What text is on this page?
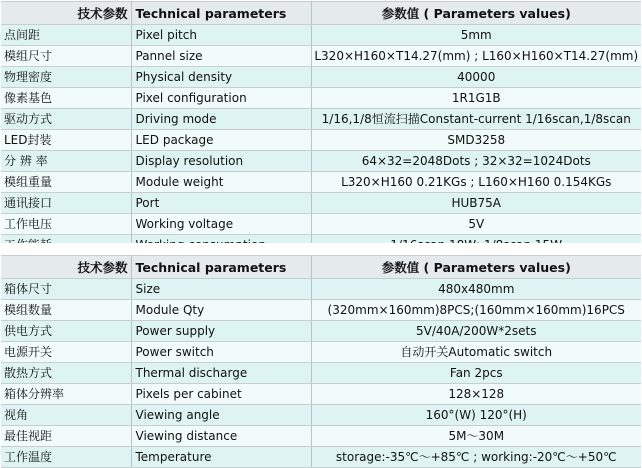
技术参数	Technical parameters	参数值 ( Parameters values)
点间距	Pixel pitch	5mm
模组尺寸	Pannel size	L320×H160×T14.27(mm) ; L160×H160×T14.27(mm)
物理密度	Physical density	40000
像素基色	Pixel configuration	1R1G1B
驱动方式	Driving mode	1/16,1/8恒流扫描Constant-current 1/16scan,1/8scan
LED封装	LED package	SMD3258
分 辨 率	Display resolution	64×32=2048Dots ; 32×32=1024Dots
模组重量	Module weight	L320×H160 0.21KGs ; L160×H160 0.154KGs
通讯接口	Port	HUB75A
工作电压	Working voltage	5V

技术参数	Technical parameters	参数值 ( Parameters values)
箱体尺寸	Size	480x480mm
模组数量	Module Qty	(320mm×160mm)8PCS;(160mm×160mm)16PCS
供电方式	Power supply	5V/40A/200W*2sets
电源开关	Power switch	自动开关Automatic switch
散热方式	Thermal discharge	Fan 2pcs
箱体分辨率	Pixels per cabinet	128×128
视角	Viewing angle	160°(W) 120°(H)
最佳视距	Viewing distance	5M～30M
工作温度	Temperature	storage:-35℃～+85℃ ; working:-20℃～+50℃
